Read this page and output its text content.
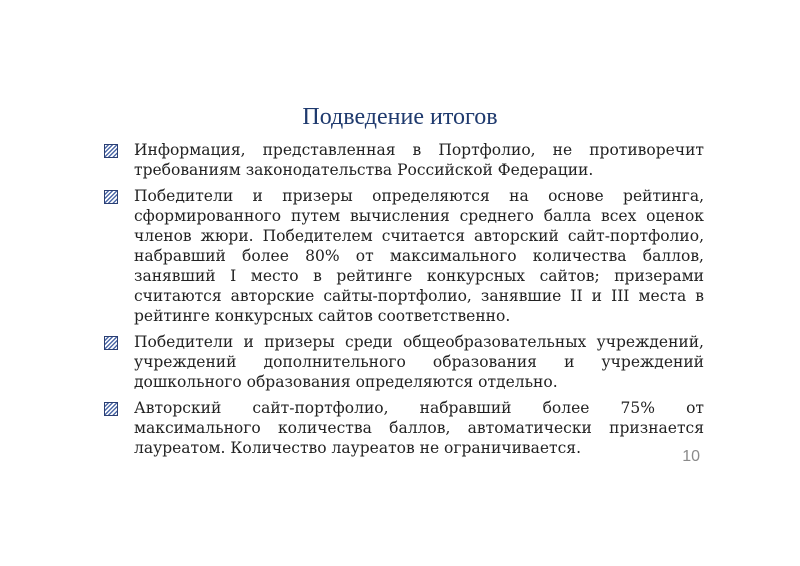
Подведение итогов
Информация, представленная в Портфолио, не противоречит требованиям законодательства Российской Федерации.
Победители и призеры определяются на основе рейтинга, сформированного путем вычисления среднего балла всех оценок членов жюри. Победителем считается авторский сайт-портфолио, набравший более 80% от максимального количества баллов, занявший I место в рейтинге конкурсных сайтов; призерами считаются авторские сайты-портфолио, занявшие II и III места в рейтинге конкурсных сайтов соответственно.
Победители и призеры среди общеобразовательных учреждений, учреждений дополнительного образования и учреждений дошкольного образования определяются отдельно.
Авторский сайт-портфолио, набравший более 75% от максимального количества баллов, автоматически признается лауреатом. Количество лауреатов не ограничивается.	10
